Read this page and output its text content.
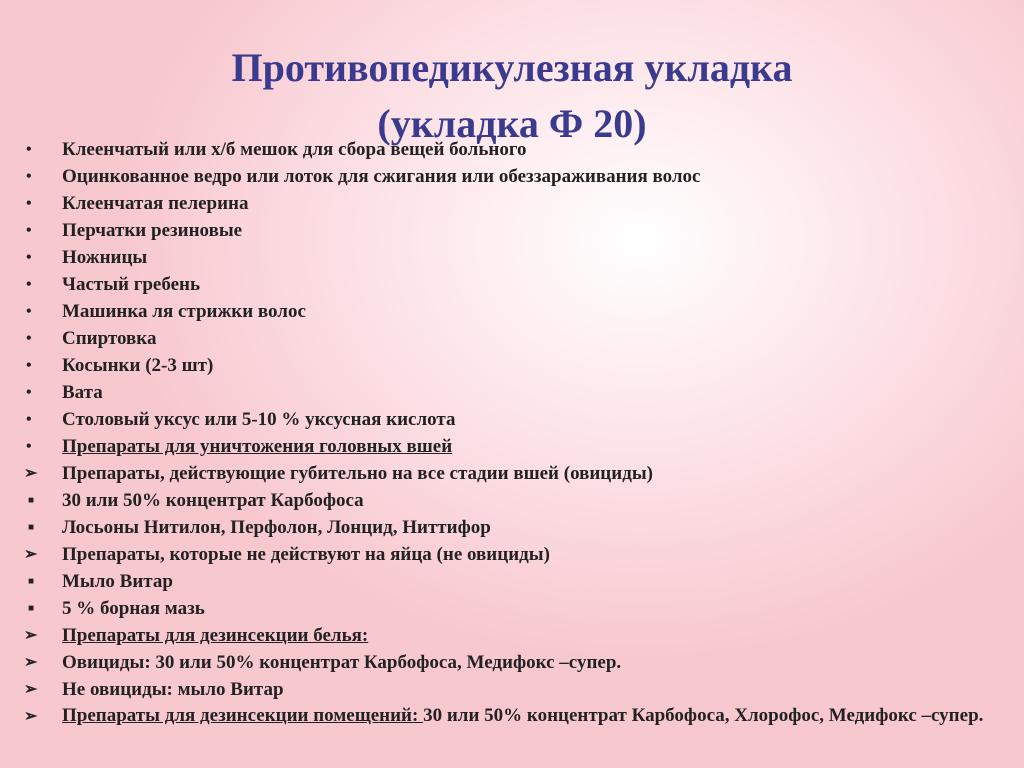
Противопедикулезная укладка
(укладка Ф 20)
•	Клеенчатый или х/б мешок для сбора вещей больного
•	Оцинкованное ведро или лоток для сжигания или обеззараживания волос
•	Клеенчатая пелерина
•	Перчатки резиновые
•	Ножницы
•	Частый гребень
•	Машинка ля стрижки волос
•	Спиртовка
•	Косынки (2-3 шт)
•	Вата
•	Столовый уксус или 5-10 % уксусная кислота
•	Препараты для уничтожения головных вшей
➢	Препараты, действующие губительно на все стадии вшей (овициды)
■	30 или 50% концентрат Карбофоса
■	Лосьоны Нитилон, Перфолон, Лонцид, Ниттифор
➢	Препараты, которые не действуют на яйца (не овициды)
■	Мыло Витар
■	5 % борная мазь
➢	Препараты для дезинсекции белья:
➢	Овициды: 30 или 50% концентрат Карбофоса, Медифокс –супер.
➢	Не овициды: мыло Витар
➢	Препараты для дезинсекции помещений: 30 или 50% концентрат Карбофоса, Хлорофос, Медифокс –супер.
